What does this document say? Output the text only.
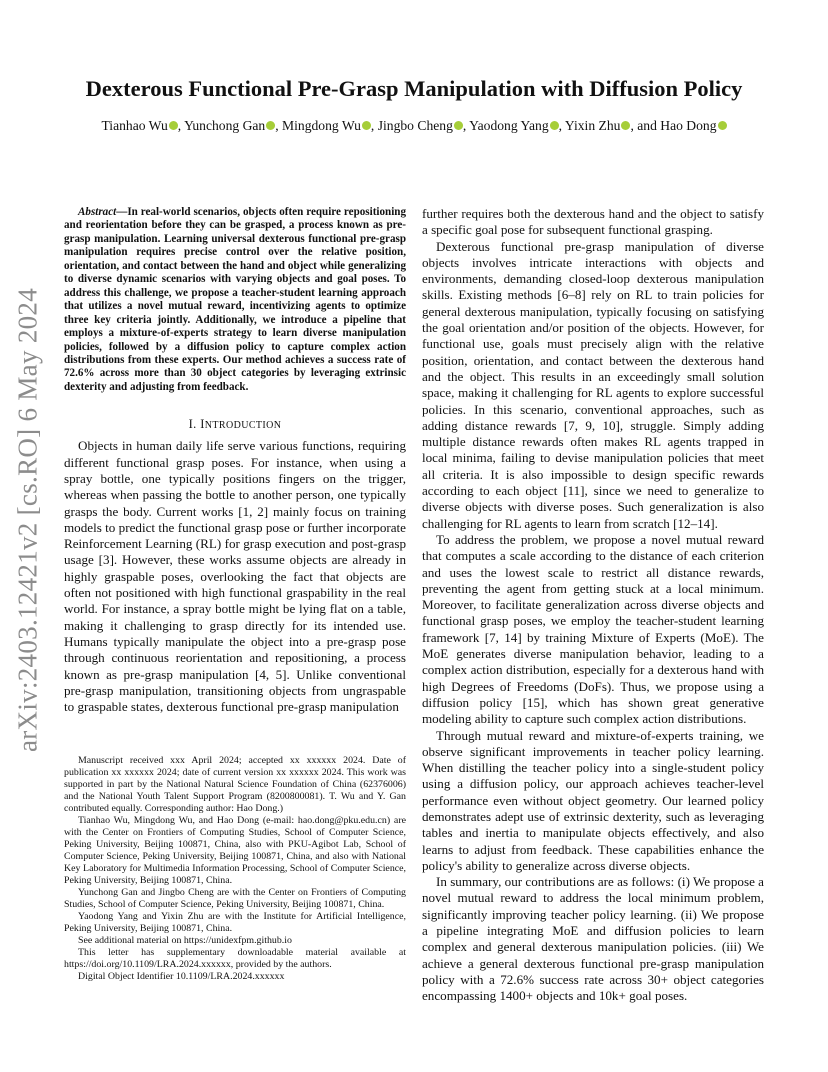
arXiv:2403.12421v2 [cs.RO] 6 May 2024
Dexterous Functional Pre-Grasp Manipulation with Diffusion Policy
Tianhao Wu , Yunchong Gan , Mingdong Wu , Jingbo Cheng , Yaodong Yang , Yixin Zhu , and Hao Dong

Abstract—In real-world scenarios, objects often require repositioning and reorientation before they can be grasped, a process known as pre-grasp manipulation. Learning universal dexterous functional pre-grasp manipulation requires precise control over the relative position, orientation, and contact between the hand and object while generalizing to diverse dynamic scenarios with varying objects and goal poses. To address this challenge, we propose a teacher-student learning approach that utilizes a novel mutual reward, incentivizing agents to optimize three key criteria jointly. Additionally, we introduce a pipeline that employs a mixture-of-experts strategy to learn diverse manipulation policies, followed by a diffusion policy to capture complex action distributions from these experts. Our method achieves a success rate of 72.6% across more than 30 object categories by leveraging extrinsic dexterity and adjusting from feedback.

I. INTRODUCTION

Objects in human daily life serve various functions, requiring different functional grasp poses. For instance, when using a spray bottle, one typically positions fingers on the trigger, whereas when passing the bottle to another person, one typically grasps the body. Current works [1, 2] mainly focus on training models to predict the functional grasp pose or further incorporate Reinforcement Learning (RL) for grasp execution and post-grasp usage [3]. However, these works assume objects are already in highly graspable poses, overlooking the fact that objects are often not positioned with high functional graspability in the real world. For instance, a spray bottle might be lying flat on a table, making it challenging to grasp directly for its intended use. Humans typically manipulate the object into a pre-grasp pose through continuous reorientation and repositioning, a process known as pre-grasp manipulation [4, 5]. Unlike conventional pre-grasp manipulation, transitioning objects from ungraspable to graspable states, dexterous functional pre-grasp manipulation

Manuscript received xxx April 2024; accepted xx xxxxxx 2024. Date of publication xx xxxxxx 2024; date of current version xx xxxxxx 2024. This work was supported in part by the National Natural Science Foundation of China (62376006) and the National Youth Talent Support Program (8200800081). T. Wu and Y. Gan contributed equally. Corresponding author: Hao Dong.)

Tianhao Wu, Mingdong Wu, and Hao Dong (e-mail: hao.dong@pku.edu.cn) are with the Center on Frontiers of Computing Studies, School of Computer Science, Peking University, Beijing 100871, China, also with PKU-Agibot Lab, School of Computer Science, Peking University, Beijing 100871, China, and also with National Key Laboratory for Multimedia Information Processing, School of Computer Science, Peking University, Beijing 100871, China.

Yunchong Gan and Jingbo Cheng are with the Center on Frontiers of Computing Studies, School of Computer Science, Peking University, Beijing 100871, China.

Yaodong Yang and Yixin Zhu are with the Institute for Artificial Intelligence, Peking University, Beijing 100871, China.

See additional material on https://unidexfpm.github.io

This letter has supplementary downloadable material available at https://doi.org/10.1109/LRA.2024.xxxxxx, provided by the authors.

Digital Object Identifier 10.1109/LRA.2024.xxxxxx

further requires both the dexterous hand and the object to satisfy a specific goal pose for subsequent functional grasping.

Dexterous functional pre-grasp manipulation of diverse objects involves intricate interactions with objects and environments, demanding closed-loop dexterous manipulation skills. Existing methods [6–8] rely on RL to train policies for general dexterous manipulation, typically focusing on satisfying the goal orientation and/or position of the objects. However, for functional use, goals must precisely align with the relative position, orientation, and contact between the dexterous hand and the object. This results in an exceedingly small solution space, making it challenging for RL agents to explore successful policies. In this scenario, conventional approaches, such as adding distance rewards [7, 9, 10], struggle. Simply adding multiple distance rewards often makes RL agents trapped in local minima, failing to devise manipulation policies that meet all criteria. It is also impossible to design specific rewards according to each object [11], since we need to generalize to diverse objects with diverse poses. Such generalization is also challenging for RL agents to learn from scratch [12–14].

To address the problem, we propose a novel mutual reward that computes a scale according to the distance of each criterion and uses the lowest scale to restrict all distance rewards, preventing the agent from getting stuck at a local minimum. Moreover, to facilitate generalization across diverse objects and functional grasp poses, we employ the teacher-student learning framework [7, 14] by training Mixture of Experts (MoE). The MoE generates diverse manipulation behavior, leading to a complex action distribution, especially for a dexterous hand with high Degrees of Freedoms (DoFs). Thus, we propose using a diffusion policy [15], which has shown great generative modeling ability to capture such complex action distributions.

Through mutual reward and mixture-of-experts training, we observe significant improvements in teacher policy learning. When distilling the teacher policy into a single-student policy using a diffusion policy, our approach achieves teacher-level performance even without object geometry. Our learned policy demonstrates adept use of extrinsic dexterity, such as leveraging tables and inertia to manipulate objects effectively, and also learns to adjust from feedback. These capabilities enhance the policy's ability to generalize across diverse objects.

In summary, our contributions are as follows: (i) We propose a novel mutual reward to address the local minimum problem, significantly improving teacher policy learning. (ii) We propose a pipeline integrating MoE and diffusion policies to learn complex and general dexterous manipulation policies. (iii) We achieve a general dexterous functional pre-grasp manipulation policy with a 72.6% success rate across 30+ object categories encompassing 1400+ objects and 10k+ goal poses.
